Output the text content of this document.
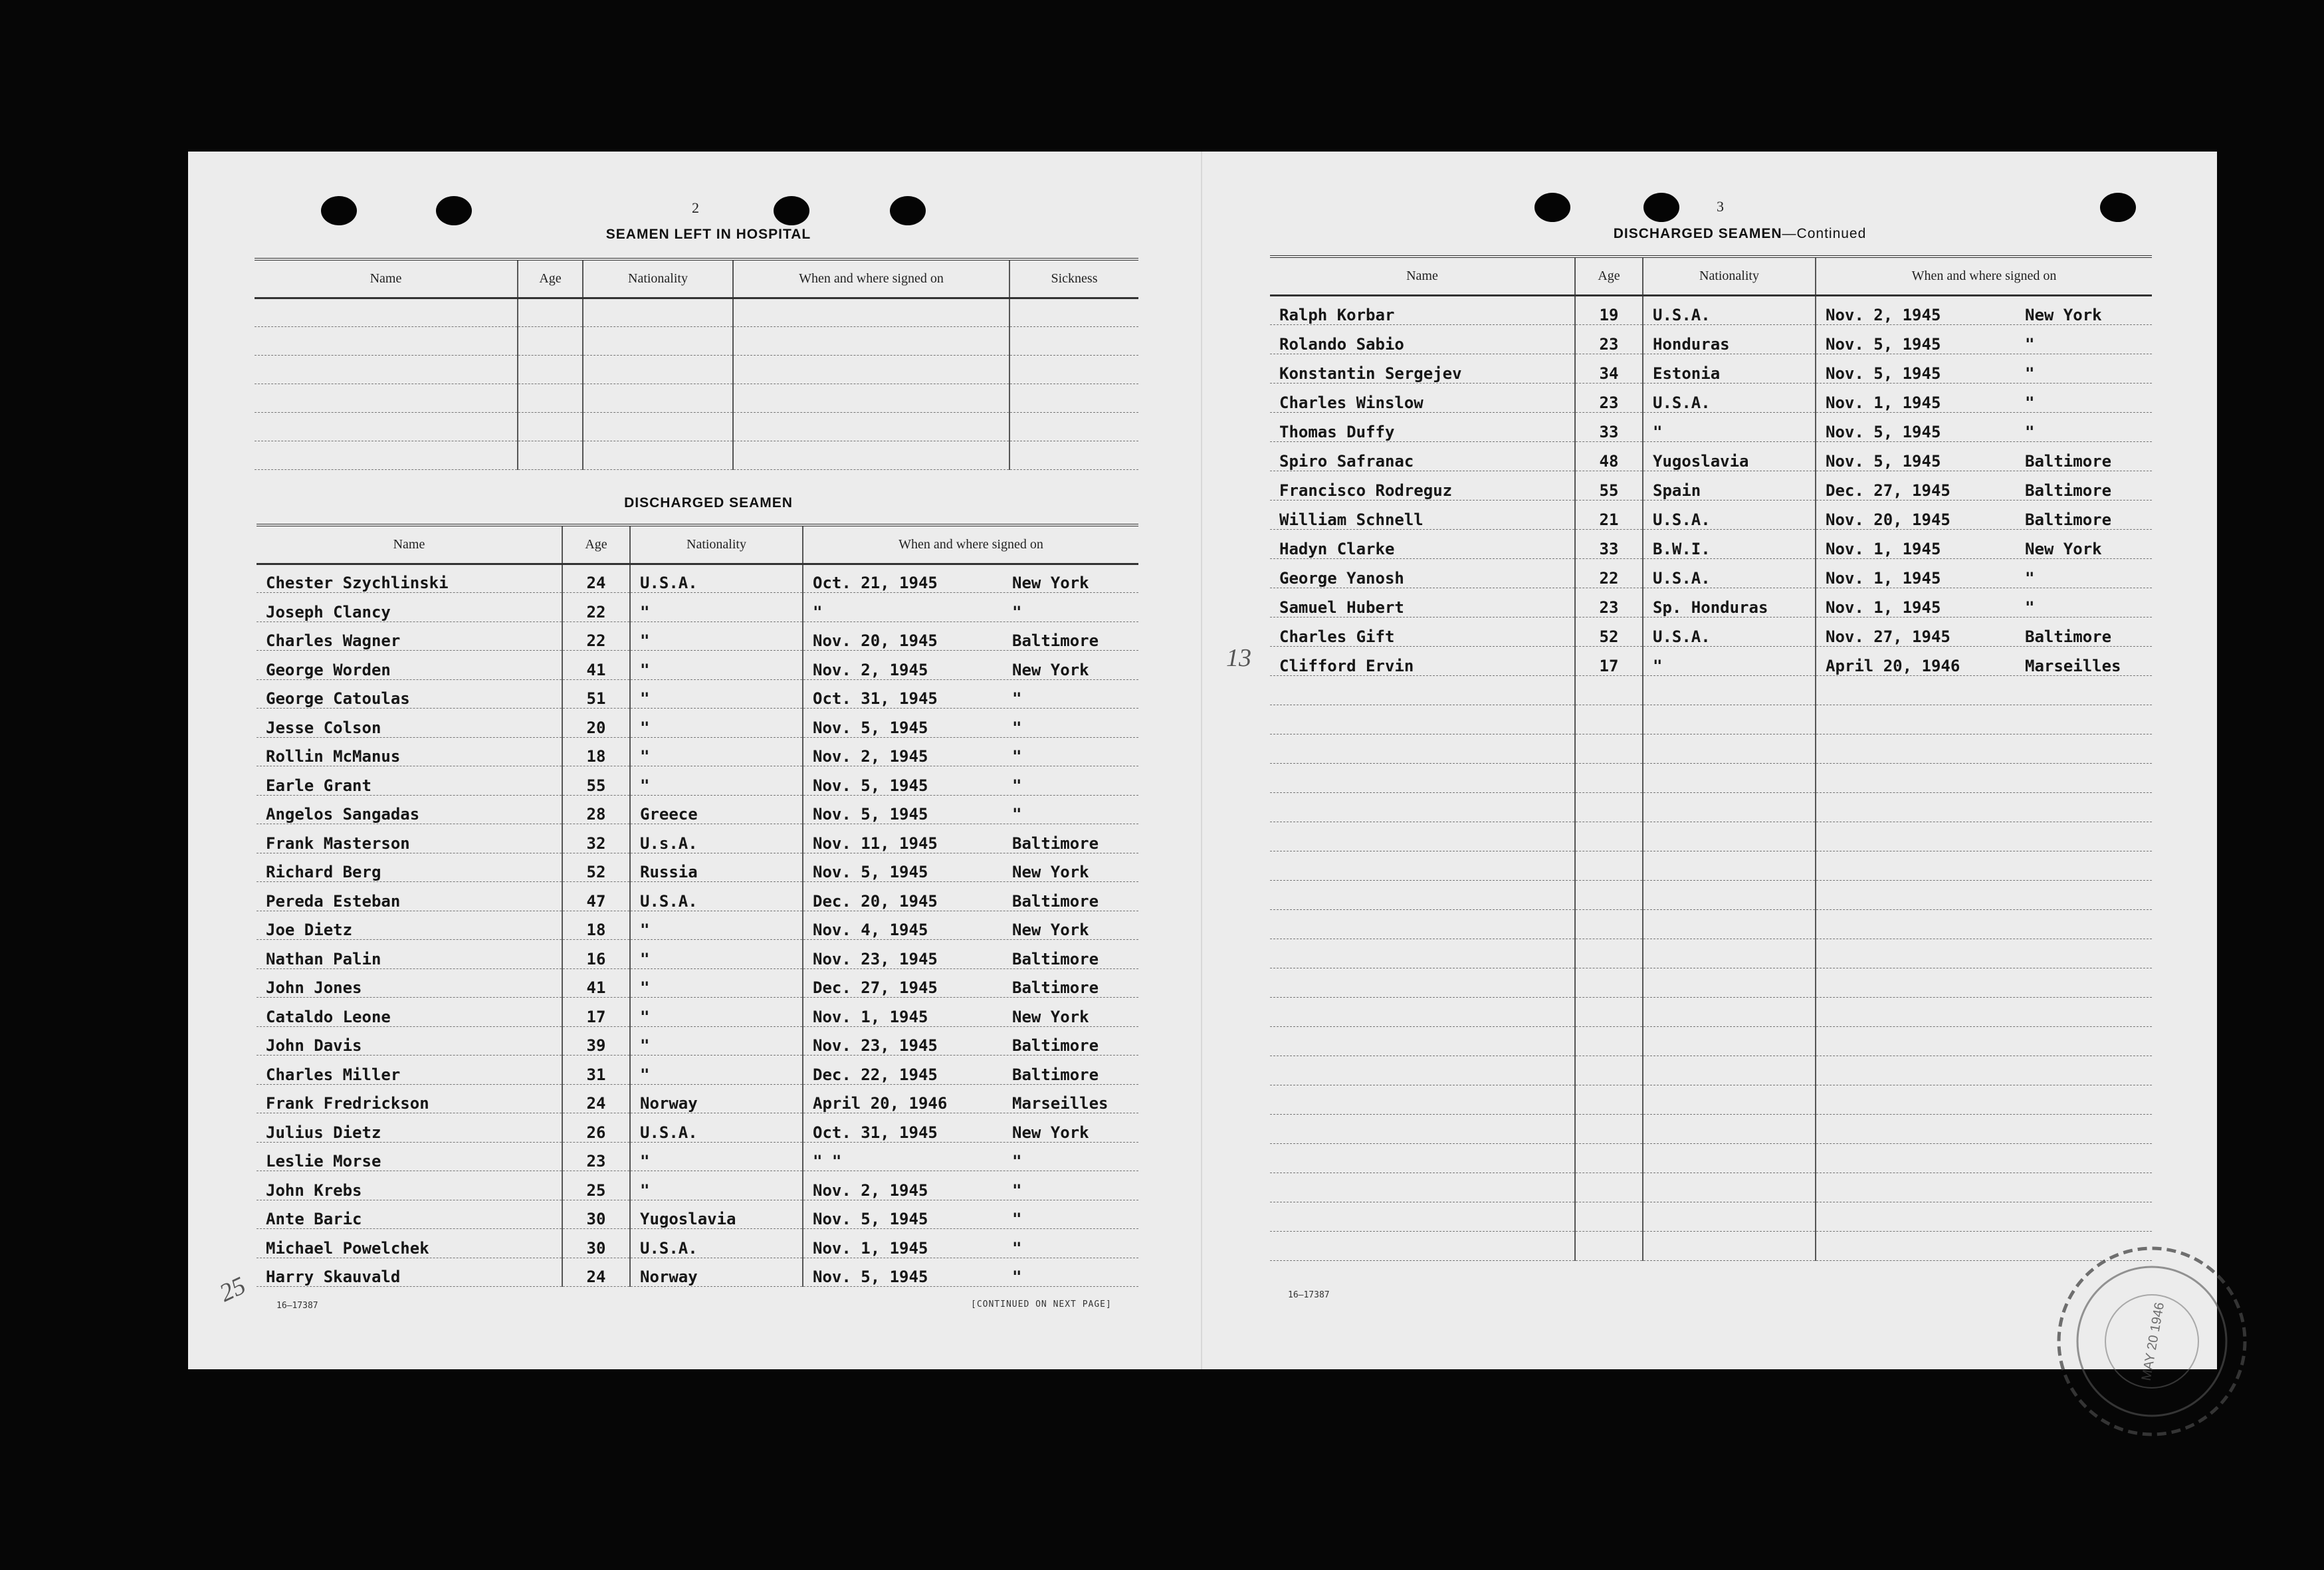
2
SEAMEN LEFT IN HOSPITAL
Name	Age	Nationality	When and where signed on	Sickness

DISCHARGED SEAMEN
Name	Age	Nationality	When and where signed on
Chester Szychlinski	24	U.S.A.	Oct. 21, 1945 New York

Joseph Clancy	22	"	" "

Charles Wagner	22	"	Nov. 20, 1945 Baltimore

George Worden	41	"	Nov. 2, 1945 New York

George Catoulas	51	"	Oct. 31, 1945 "

Jesse Colson	20	"	Nov. 5, 1945 "

Rollin McManus	18	"	Nov. 2, 1945 "

Earle Grant	55	"	Nov. 5, 1945 "

Angelos Sangadas	28	Greece	Nov. 5, 1945 "

Frank Masterson	32	U.s.A.	Nov. 11, 1945 Baltimore

Richard Berg	52	Russia	Nov. 5, 1945 New York

Pereda Esteban	47	U.S.A.	Dec. 20, 1945 Baltimore

Joe Dietz	18	"	Nov. 4, 1945 New York

Nathan Palin	16	"	Nov. 23, 1945 Baltimore

John Jones	41	"	Dec. 27, 1945 Baltimore

Cataldo Leone	17	"	Nov. 1, 1945 New York

John Davis	39	"	Nov. 23, 1945 Baltimore

Charles Miller	31	"	Dec. 22, 1945 Baltimore

Frank Fredrickson	24	Norway	April 20, 1946 Marseilles

Julius Dietz	26	U.S.A.	Oct. 31, 1945 New York

Leslie Morse	23	"	" " "

John Krebs	25	"	Nov. 2, 1945 "

Ante Baric	30	Yugoslavia	Nov. 5, 1945 "

Michael Powelchek	30	U.S.A.	Nov. 1, 1945 "

Harry Skauvald	24	Norway	Nov. 5, 1945 "
16—17387	[CONTINUED ON NEXT PAGE]
25
3
DISCHARGED SEAMEN—Continued
Name	Age	Nationality	When and where signed on
Ralph Korbar	19	U.S.A.	Nov. 2, 1945 New York

Rolando Sabio	23	Honduras	Nov. 5, 1945 "

Konstantin Sergejev	34	Estonia	Nov. 5, 1945 "

Charles Winslow	23	U.S.A.	Nov. 1, 1945 "

Thomas Duffy	33	"	Nov. 5, 1945 "

Spiro Safranac	48	Yugoslavia	Nov. 5, 1945 Baltimore

Francisco Rodreguz	55	Spain	Dec. 27, 1945 Baltimore

William Schnell	21	U.S.A.	Nov. 20, 1945 Baltimore

Hadyn Clarke	33	B.W.I.	Nov. 1, 1945 New York

George Yanosh	22	U.S.A.	Nov. 1, 1945 "

Samuel Hubert	23	Sp. Honduras	Nov. 1, 1945 "

Charles Gift	52	U.S.A.	Nov. 27, 1945 Baltimore

Clifford Ervin	17	"	April 20, 1946 Marseilles

16—17387
13
MAY 20 1946
